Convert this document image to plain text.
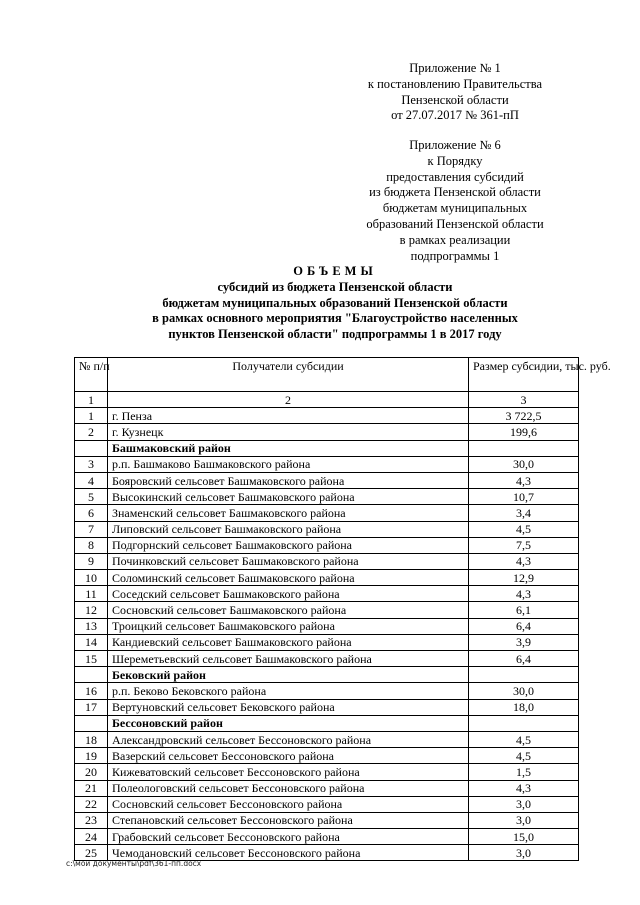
Приложение № 1
к постановлению Правительства
Пензенской области
от 27.07.2017 № 361-пП
Приложение № 6
к Порядку
предоставления субсидий
из бюджета Пензенской области
бюджетам муниципальных
образований Пензенской области
в рамках реализации
подпрограммы 1
ОБЪЕМЫ
субсидий из бюджета Пензенской области
бюджетам муниципальных образований Пензенской области
в рамках основного мероприятия "Благоустройство населенных
пунктов Пензенской области" подпрограммы 1 в 2017 году
№ п/п	Получатели субсидии	Размер субсидии, тыс. руб.
1	2	3
1	г. Пенза	3 722,5
2	г. Кузнецк	199,6
	Башмаковский район	
3	р.п. Башмаково Башмаковского района	30,0
4	Бояровский сельсовет Башмаковского района	4,3
5	Высокинский сельсовет Башмаковского района	10,7
6	Знаменский сельсовет Башмаковского района	3,4
7	Липовский сельсовет Башмаковского района	4,5
8	Подгорнский сельсовет Башмаковского района	7,5
9	Починковский сельсовет Башмаковского района	4,3
10	Соломинский сельсовет Башмаковского района	12,9
11	Соседский сельсовет Башмаковского района	4,3
12	Сосновский сельсовет Башмаковского района	6,1
13	Троицкий сельсовет Башмаковского района	6,4
14	Кандиевский сельсовет Башмаковского района	3,9
15	Шереметьевский сельсовет Башмаковского района	6,4
	Бековский район	
16	р.п. Беково Бековского района	30,0
17	Вертуновский сельсовет Бековского района	18,0
	Бессоновский район	
18	Александровский сельсовет Бессоновского района	4,5
19	Вазерский сельсовет Бессоновского района	4,5
20	Кижеватовский сельсовет Бессоновского района	1,5
21	Полеологовский сельсовет Бессоновского района	4,3
22	Сосновский сельсовет Бессоновского района	3,0
23	Степановский сельсовет Бессоновского района	3,0
24	Грабовский сельсовет Бессоновского района	15,0
25	Чемодановский сельсовет Бессоновского района	3,0
c:\мои документы\pdf\361-пп.docx
